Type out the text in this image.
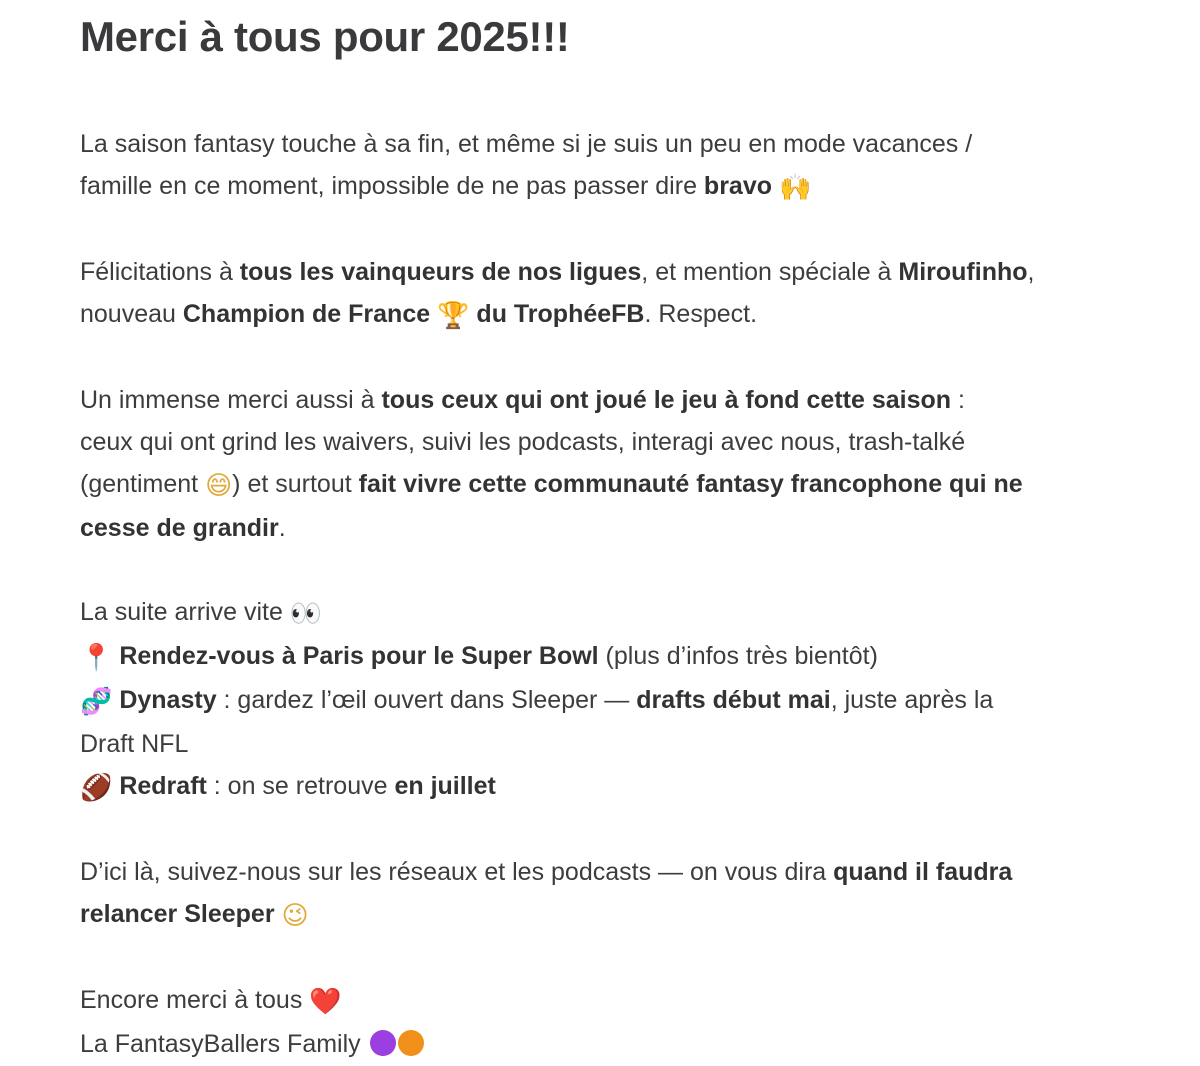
Merci à tous pour 2025!!!
La saison fantasy touche à sa fin, et même si je suis un peu en mode vacances /
famille en ce moment, impossible de ne pas passer dire bravo 🙌
Félicitations à tous les vainqueurs de nos ligues, et mention spéciale à Miroufinho,
nouveau Champion de France 🏆 du TrophéeFB. Respect.
Un immense merci aussi à tous ceux qui ont joué le jeu à fond cette saison :
ceux qui ont grind les waivers, suivi les podcasts, interagi avec nous, trash-talké
(gentiment 😄) et surtout fait vivre cette communauté fantasy francophone qui ne
cesse de grandir.
La suite arrive vite 👀
📍 Rendez-vous à Paris pour le Super Bowl (plus d’infos très bientôt)
🧬 Dynasty : gardez l’œil ouvert dans Sleeper — drafts début mai, juste après la
Draft NFL
🏈 Redraft : on se retrouve en juillet
D’ici là, suivez-nous sur les réseaux et les podcasts — on vous dira quand il faudra
relancer Sleeper 😉
Encore merci à tous ❤️
La FantasyBallers Family
